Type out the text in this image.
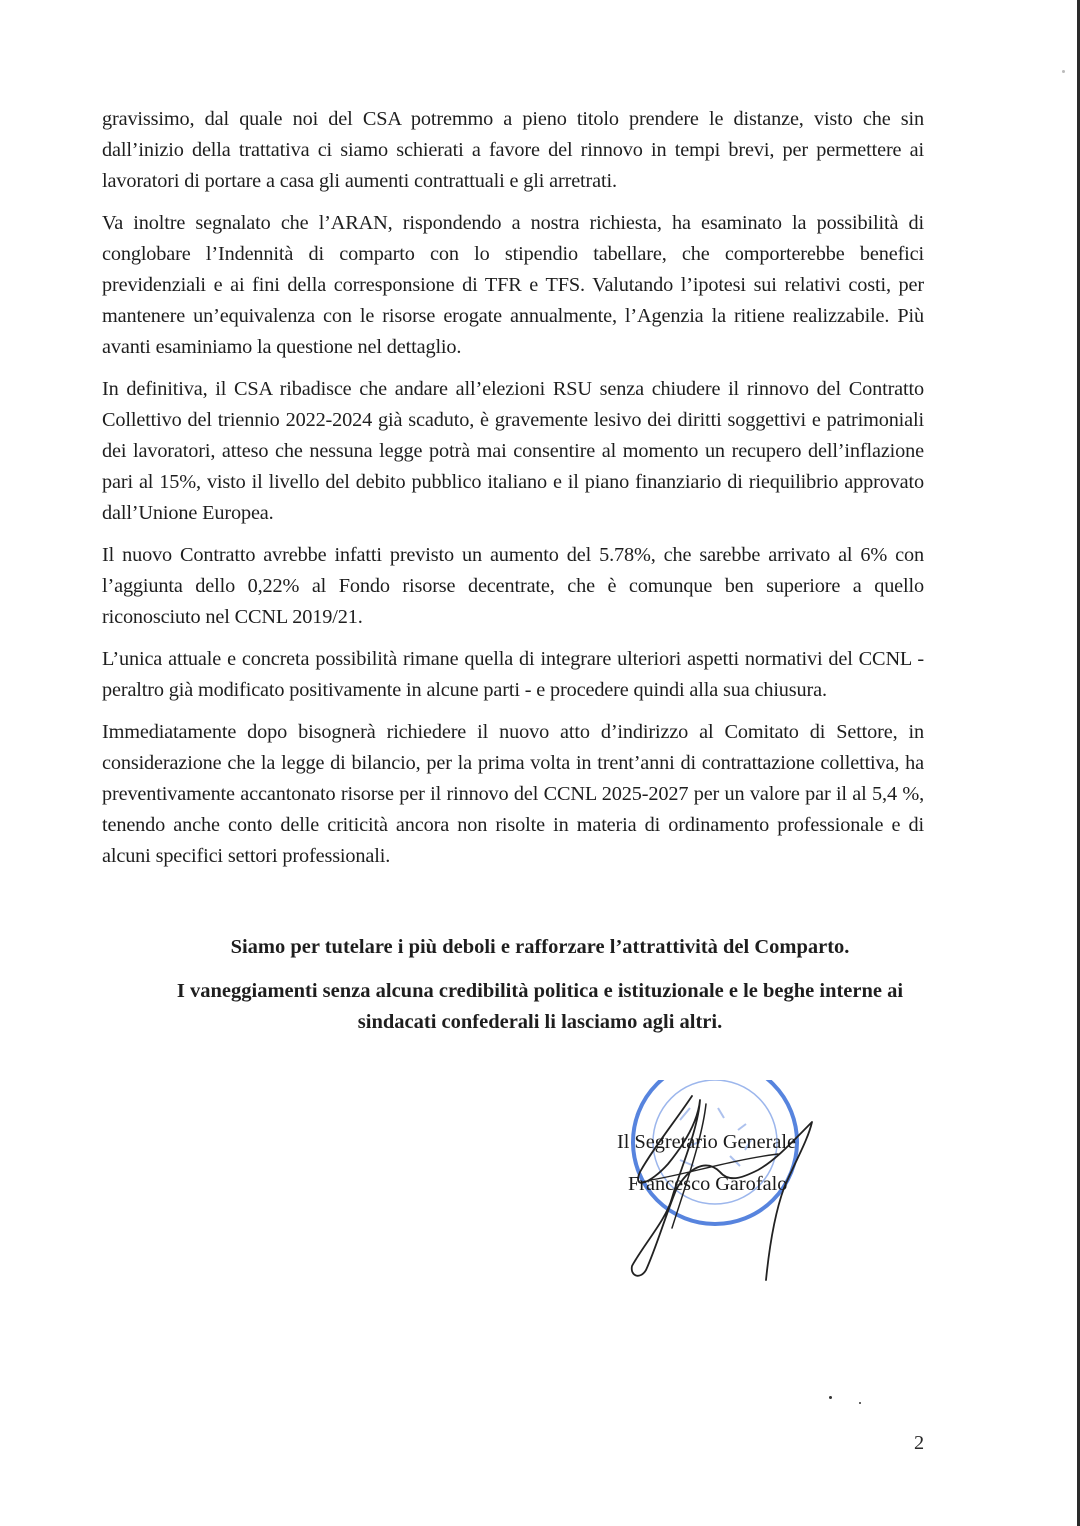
gravissimo, dal quale noi del CSA potremmo a pieno titolo prendere le distanze, visto che sin dall’inizio della trattativa ci siamo schierati a favore del rinnovo in tempi brevi, per permettere ai lavoratori di portare a casa gli aumenti contrattuali e gli arretrati.

Va inoltre segnalato che l’ARAN, rispondendo a nostra richiesta, ha esaminato la possibilità di conglobare l’Indennità di comparto con lo stipendio tabellare, che comporterebbe benefici previdenziali e ai fini della corresponsione di TFR e TFS. Valutando l’ipotesi sui relativi costi, per mantenere un’equivalenza con le risorse erogate annualmente, l’Agenzia la ritiene realizzabile. Più avanti esaminiamo la questione nel dettaglio.

In definitiva, il CSA ribadisce che andare all’elezioni RSU senza chiudere il rinnovo del Contratto Collettivo del triennio 2022-2024 già scaduto, è gravemente lesivo dei diritti soggettivi e patrimoniali dei lavoratori, atteso che nessuna legge potrà mai consentire al momento un recupero dell’inflazione pari al 15%, visto il livello del debito pubblico italiano e il piano finanziario di riequilibrio approvato dall’Unione Europea.

Il nuovo Contratto avrebbe infatti previsto un aumento del 5.78%, che sarebbe arrivato al 6% con l’aggiunta dello 0,22% al Fondo risorse decentrate, che è comunque ben superiore a quello riconosciuto nel CCNL 2019/21.

L’unica attuale e concreta possibilità rimane quella di integrare ulteriori aspetti normativi del CCNL - peraltro già modificato positivamente in alcune parti - e procedere quindi alla sua chiusura.

Immediatamente dopo bisognerà richiedere il nuovo atto d’indirizzo al Comitato di Settore, in considerazione che la legge di bilancio, per la prima volta in trent’anni di contrattazione collettiva, ha preventivamente accantonato risorse per il rinnovo del CCNL 2025-2027 per un valore par il al 5,4 %, tenendo anche conto delle criticità ancora non risolte in materia di ordinamento professionale e di alcuni specifici settori professionali.

Siamo per tutelare i più deboli e rafforzare l’attrattività del Comparto.
I vaneggiamenti senza alcuna credibilità politica e istituzionale e le beghe interne ai sindacati confederali li lasciamo agli altri.
Il Segretario Generale
Francesco Garofalo
2
